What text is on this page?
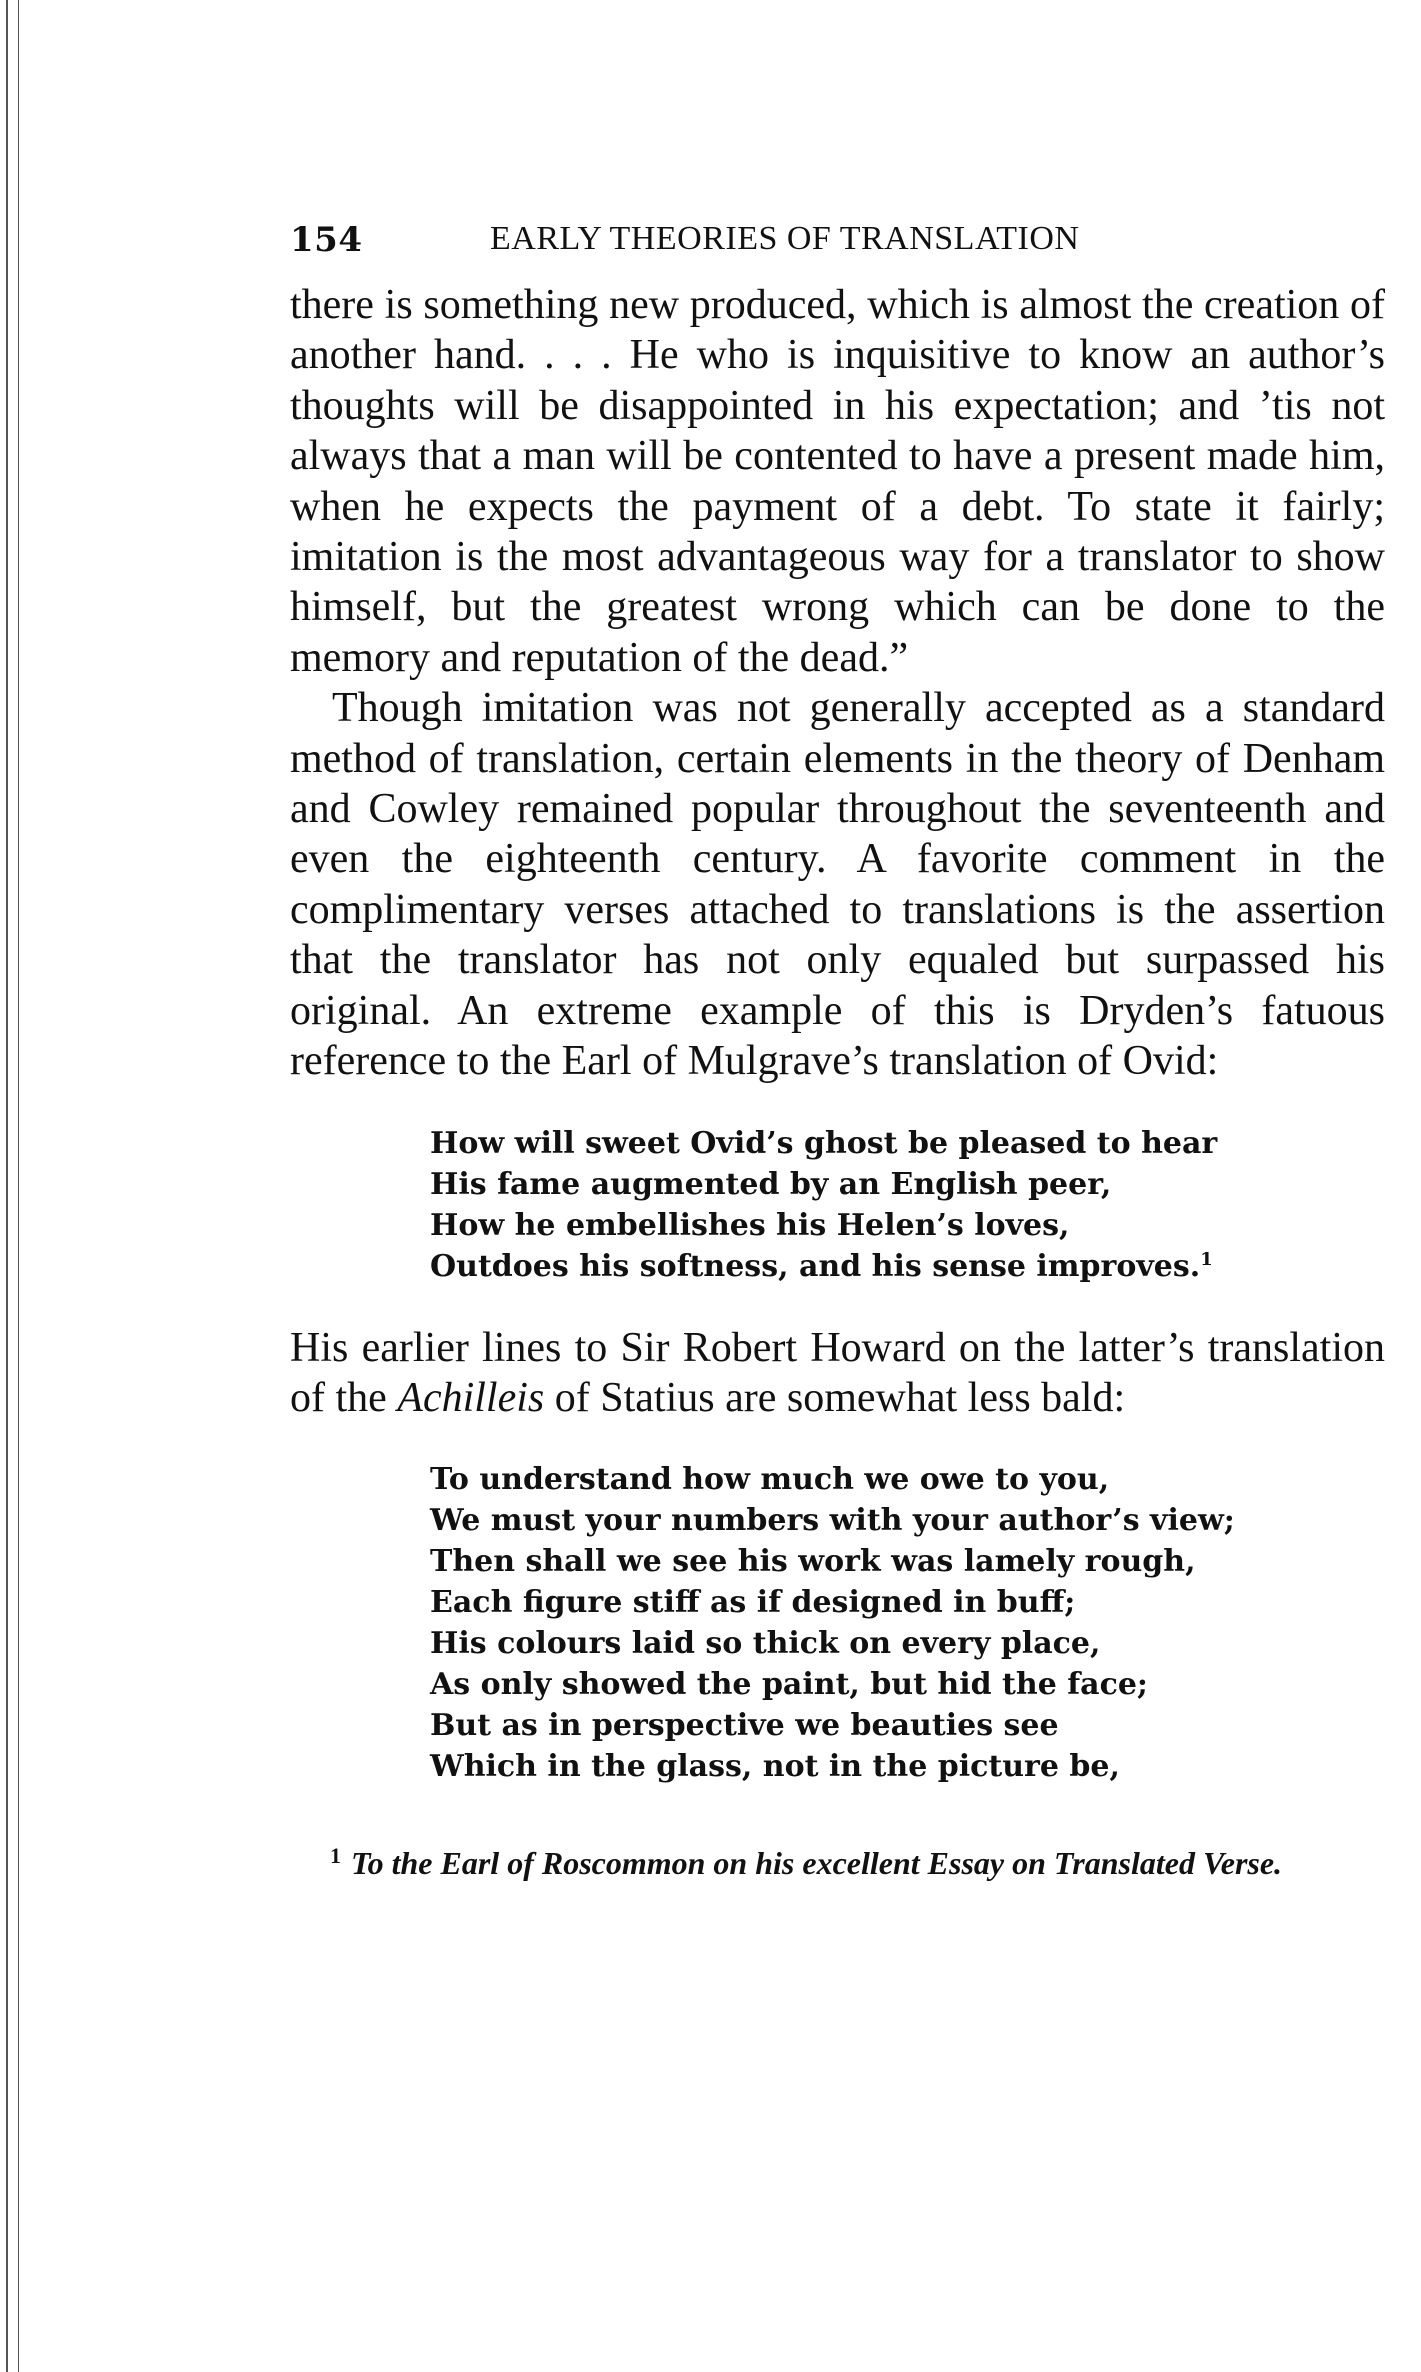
154	EARLY THEORIES OF TRANSLATION

there is something new produced, which is almost the creation of another hand. . . . He who is inquisitive to know an author’s thoughts will be disappointed in his expectation; and ’tis not always that a man will be contented to have a present made him, when he expects the payment of a debt. To state it fairly; imitation is the most advantageous way for a translator to show himself, but the greatest wrong which can be done to the memory and reputation of the dead.”

Though imitation was not generally accepted as a standard method of translation, certain elements in the theory of Denham and Cowley remained popular throughout the seventeenth and even the eighteenth century. A favorite comment in the complimentary verses attached to translations is the assertion that the translator has not only equaled but surpassed his original. An extreme example of this is Dryden’s fatuous reference to the Earl of Mulgrave’s translation of Ovid:

How will sweet Ovid’s ghost be pleased to hear
His fame augmented by an English peer,
How he embellishes his Helen’s loves,
Outdoes his softness, and his sense improves.$^1$

His earlier lines to Sir Robert Howard on the latter’s translation of the Achilleis of Statius are somewhat less bald:

To understand how much we owe to you,
We must your numbers with your author’s view;
Then shall we see his work was lamely rough,
Each figure stiff as if designed in buff;
His colours laid so thick on every place,
As only showed the paint, but hid the face;
But as in perspective we beauties see
Which in the glass, not in the picture be,
$^1$ To the Earl of Roscommon on his excellent Essay on Translated Verse.
